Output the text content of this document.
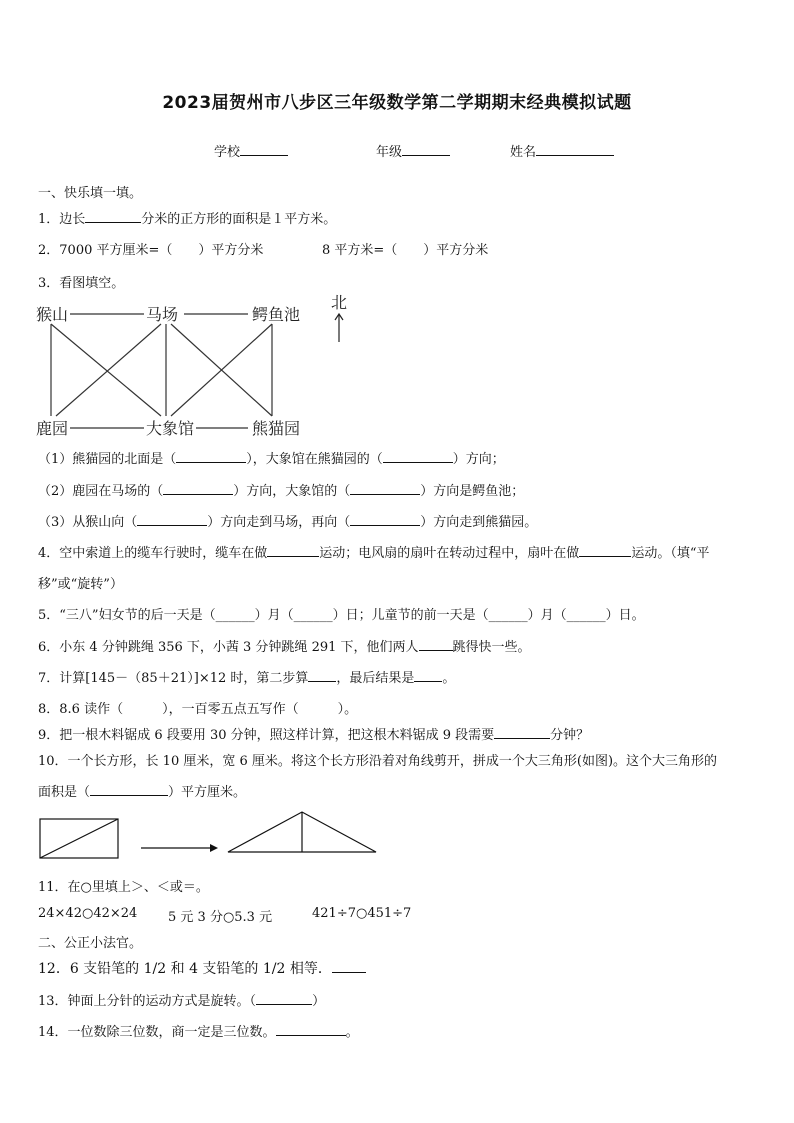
2023届贺州市八步区三年级数学第二学期期末经典模拟试题
学校	年级	姓名
一、快乐填一填。
1．边长	分米的正方形的面积是１平方米。
2．7000 平方厘米=（　　）平方分米	8 平方米=（　　）平方分米
3．看图填空。
猴山	马场	鳄鱼池
鹿园	大象馆	熊猫园
北
（1）熊猫园的北面是（	），大象馆在熊猫园的（	）方向；
（2）鹿园在马场的（	）方向，大象馆的（	）方向是鳄鱼池；
（3）从猴山向（	）方向走到马场，再向（	）方向走到熊猫园。
4．空中索道上的缆车行驶时，缆车在做	运动；电风扇的扇叶在转动过程中，扇叶在做	运动。（填“平
移”或“旋转”）
5．“三八”妇女节的后一天是（______）月（______）日；儿童节的前一天是（______）月（______）日。
6．小东 4 分钟跳绳 356 下，小茜 3 分钟跳绳 291 下，他们两人	跳得快一些。
7．计算[145－（85＋21）]×12 时，第二步算 ，最后结果是 。
8．8.6 读作（　　　），一百零五点五写作（　　　）。
9．把一根木料锯成 6 段要用 30 分钟，照这样计算，把这根木料锯成 9 段需要	分钟？
10．一个长方形，长 10 厘米，宽 6 厘米。将这个长方形沿着对角线剪开，拼成一个大三角形(如图)。这个大三角形的
面积是（	）平方厘米。
11．在○里填上＞、＜或＝。
24×42○42×24 5 元 3 分○5.3 元	421÷7○451÷7
二、公正小法官。
12．6 支铅笔的 1/2 和 4 支铅笔的 1/2 相等．
13．钟面上分针的运动方式是旋转。（	）
14．一位数除三位数，商一定是三位数。	。
